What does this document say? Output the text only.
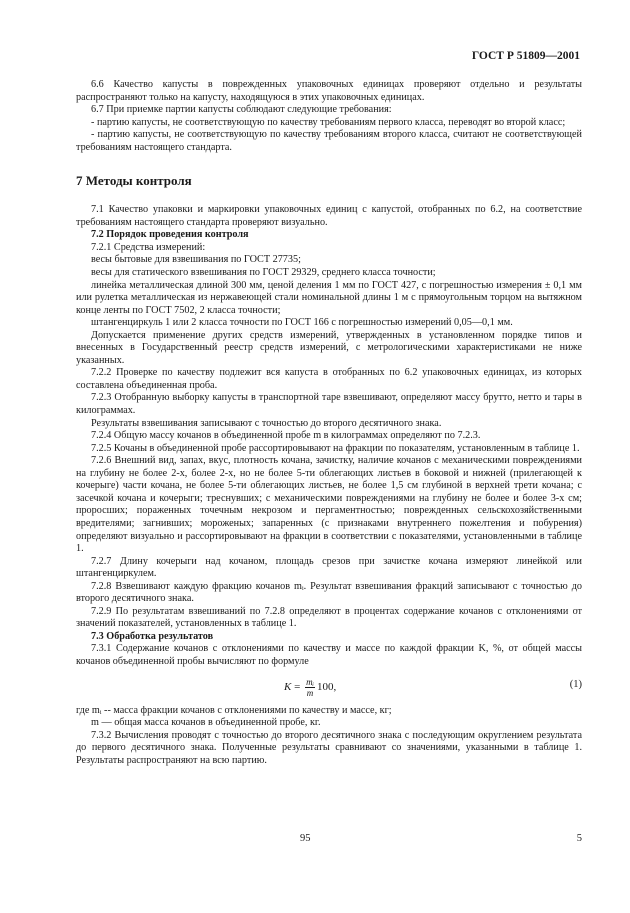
ГОСТ Р 51809—2001

6.6 Качество капусты в поврежденных упаковочных единицах проверяют отдельно и результаты распространяют только на капусту, находящуюся в этих упаковочных единицах.

6.7 При приемке партии капусты соблюдают следующие требования:

- партию капусты, не соответствующую по качеству требованиям первого класса, переводят во второй класс;

- партию капусты, не соответствующую по качеству требованиям второго класса, считают не соответствующей требованиям настоящего стандарта.

7 Методы контроля

7.1 Качество упаковки и маркировки упаковочных единиц с капустой, отобранных по 6.2, на соответствие требованиям настоящего стандарта проверяют визуально.

7.2 Порядок проведения контроля

7.2.1 Средства измерений:

весы бытовые для взвешивания по ГОСТ 27735;

весы для статического взвешивания по ГОСТ 29329, среднего класса точности;

линейка металлическая длиной 300 мм, ценой деления 1 мм по ГОСТ 427, с погрешностью измерения ± 0,1 мм или рулетка металлическая из нержавеющей стали номинальной длины 1 м с прямоугольным торцом на вытяжном конце ленты по ГОСТ 7502, 2 класса точности;

штангенциркуль 1 или 2 класса точности по ГОСТ 166 с погрешностью измерений 0,05—0,1 мм.

Допускается применение других средств измерений, утвержденных в установленном порядке типов и внесенных в Государственный реестр средств измерений, с метрологическими характеристиками не ниже указанных.

7.2.2 Проверке по качеству подлежит вся капуста в отобранных по 6.2 упаковочных единицах, из которых составлена объединенная проба.

7.2.3 Отобранную выборку капусты в транспортной таре взвешивают, определяют массу брутто, нетто и тары в килограммах.

Результаты взвешивания записывают с точностью до второго десятичного знака.

7.2.4 Общую массу кочанов в объединенной пробе m в килограммах определяют по 7.2.3.

7.2.5 Кочаны в объединенной пробе рассортировывают на фракции по показателям, установленным в таблице 1.

7.2.6 Внешний вид, запах, вкус, плотность кочана, зачистку, наличие кочанов с механическими повреждениями на глубину не более 2-х, более 2-х, но не более 5-ти облегающих листьев в боковой и нижней (прилегающей к кочерыге) части кочана, не более 5-ти облегающих листьев, не более 1,5 см глубиной в верхней трети кочана; с засечкой кочана и кочерыги; треснувших; с механическими повреждениями на глубину не более и более 3-х см; проросших; пораженных точечным некрозом и пергаментностью; поврежденных сельскохозяйственными вредителями; загнивших; мороженых; запаренных (с признаками внутреннего пожелтения и побурения) определяют визуально и рассортировывают на фракции в соответствии с показателями, установленными в таблице 1.

7.2.7 Длину кочерыги над кочаном, площадь срезов при зачистке кочана измеряют линейкой или штангенциркулем.

7.2.8 Взвешивают каждую фракцию кочанов mᵢ. Результат взвешивания фракций записывают с точностью до второго десятичного знака.

7.2.9 По результатам взвешиваний по 7.2.8 определяют в процентах содержание кочанов с отклонениями от значений показателей, установленных в таблице 1.

7.3 Обработка результатов

7.3.1 Содержание кочанов с отклонениями по качеству и массе по каждой фракции K, %, от общей массы кочанов объединенной пробы вычисляют по формуле

$K = \frac{\text{mᵢ}}{m} 100$,	(1)

где mᵢ -- масса фракции кочанов с отклонениями по качеству и массе, кг;

m — общая масса кочанов в объединенной пробе, кг.

7.3.2 Вычисления проводят с точностью до второго десятичного знака с последующим округлением результата до первого десятичного знака. Полученные результаты сравнивают со значениями, указанными в таблице 1. Результаты распространяют на всю партию.

95	5
